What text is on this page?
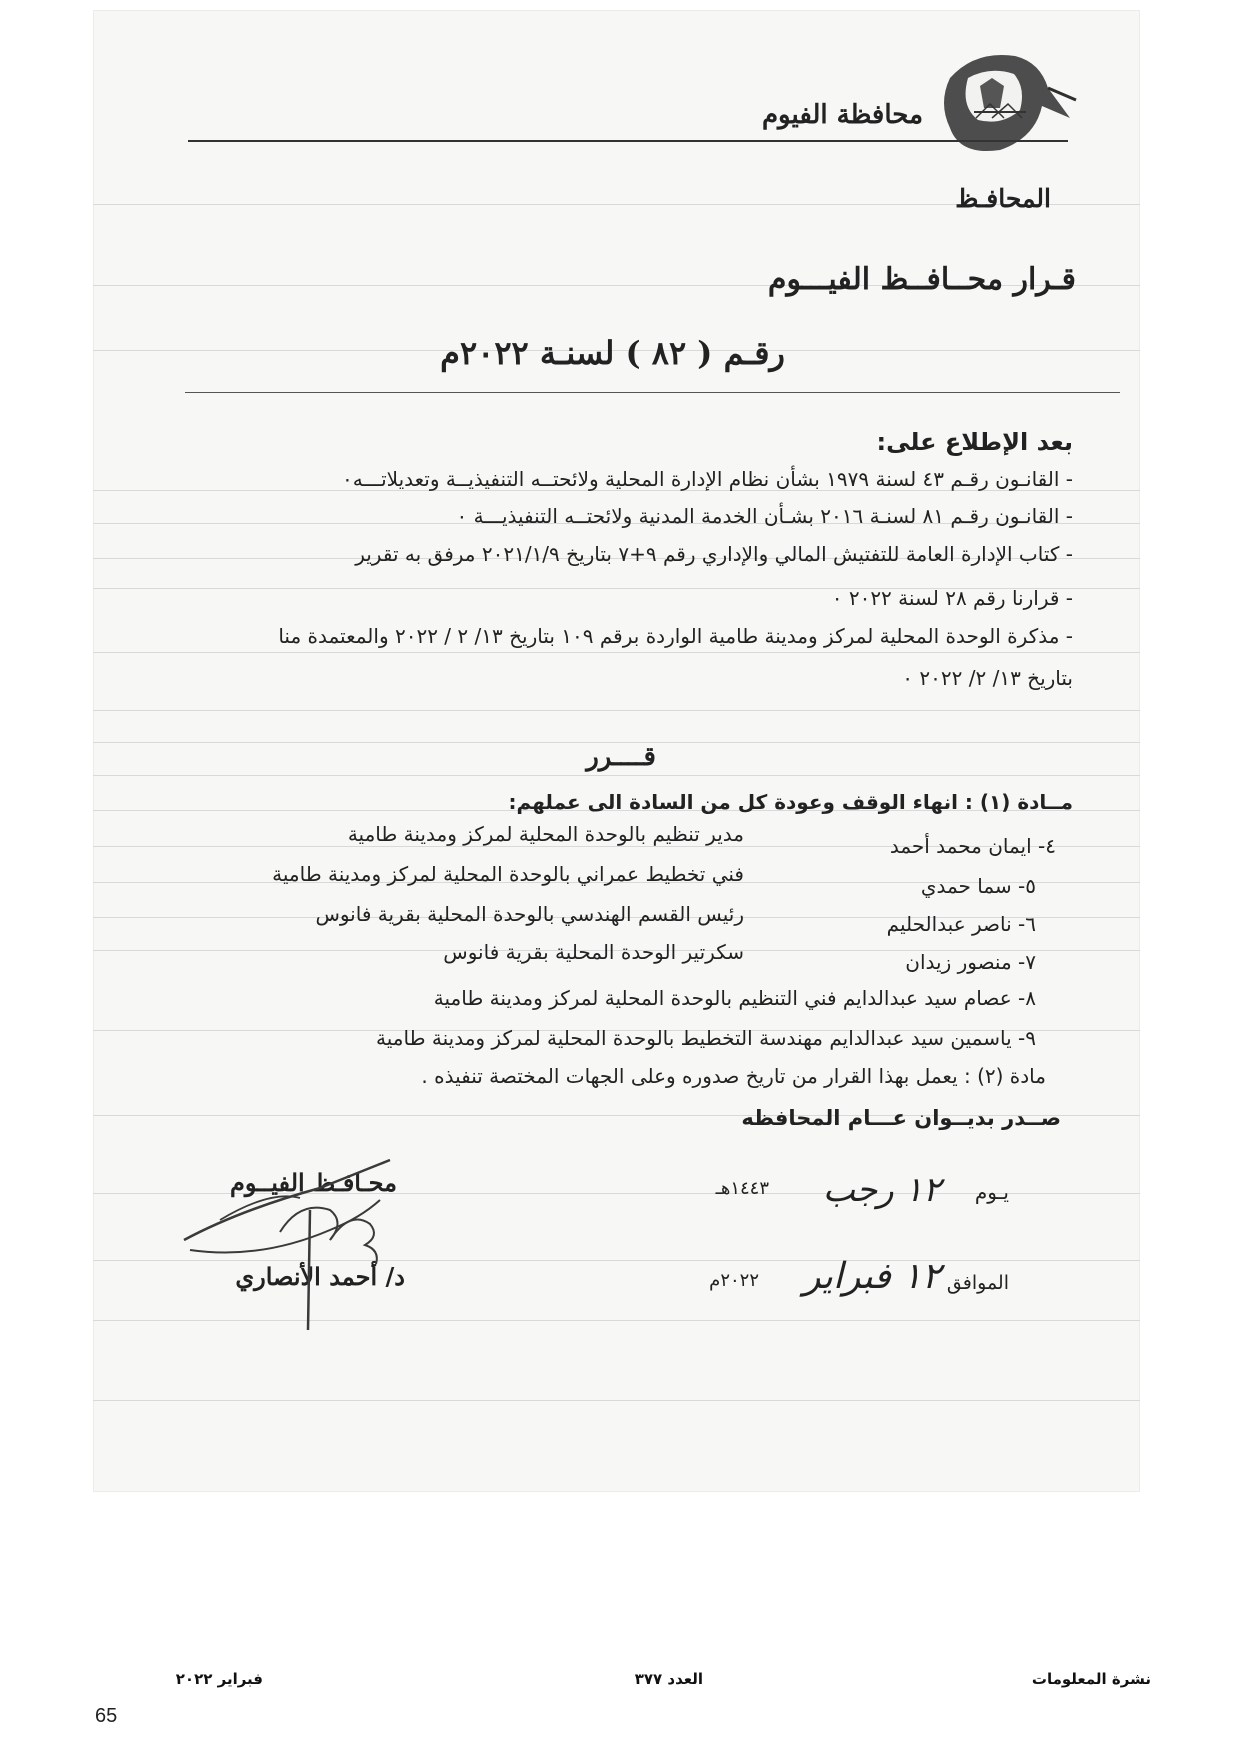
محافظة الفيوم
المحافـظ
قـرار محــافــظ الفيـــوم
رقـم ( ٨٢ ) لسنـة ٢٠٢٢م
بعد الإطلاع على:
- القانـون رقـم ٤٣ لسنة ١٩٧٩ بشأن نظام الإدارة المحلية ولائحتــه التنفيذيــة وتعديلاتـــه٠
- القانـون رقـم ٨١ لسنـة ٢٠١٦ بشـأن الخدمة المدنية ولائحتــه التنفيذيـــة ٠
- كتاب الإدارة العامة للتفتيش المالي والإداري رقم ٩+٧ بتاريخ ٢٠٢١/١/٩ مرفق به تقرير
- قرارنا رقم ٢٨ لسنة ٢٠٢٢ ٠
- مذكرة الوحدة المحلية لمركز ومدينة طامية الواردة برقم ١٠٩ بتاريخ ١٣/ ٢ / ٢٠٢٢ والمعتمدة منا
بتاريخ ١٣/ ٢/ ٢٠٢٢ ٠
قــــرر
مــادة (١) : انهاء الوقف وعودة كل من السادة الى عملهم:
٤- ايمان محمد أحمد
مدير تنظيم بالوحدة المحلية لمركز ومدينة طامية
٥- سما حمدي
فني تخطيط عمراني بالوحدة المحلية لمركز ومدينة طامية
٦- ناصر عبدالحليم
رئيس القسم الهندسي بالوحدة المحلية بقرية فانوس
٧- منصور زيدان
سكرتير الوحدة المحلية بقرية فانوس
٨- عصام سيد عبدالدايم فني التنظيم بالوحدة المحلية لمركز ومدينة طامية
٩- ياسمين سيد عبدالدايم مهندسة التخطيط بالوحدة المحلية لمركز ومدينة طامية
مادة (٢) : يعمل بهذا القرار من تاريخ صدوره وعلى الجهات المختصة تنفيذه .
صــدر بديــوان عـــام المحافظه
يـوم
١٢ رجب
١٤٤٣هـ
الموافق
١٢ فبراير
٢٠٢٢م
محـافـظ الفيــوم
د/ أحمد الأنصاري
نشرة المعلومات
العدد ٣٧٧
فبراير ٢٠٢٢
65
